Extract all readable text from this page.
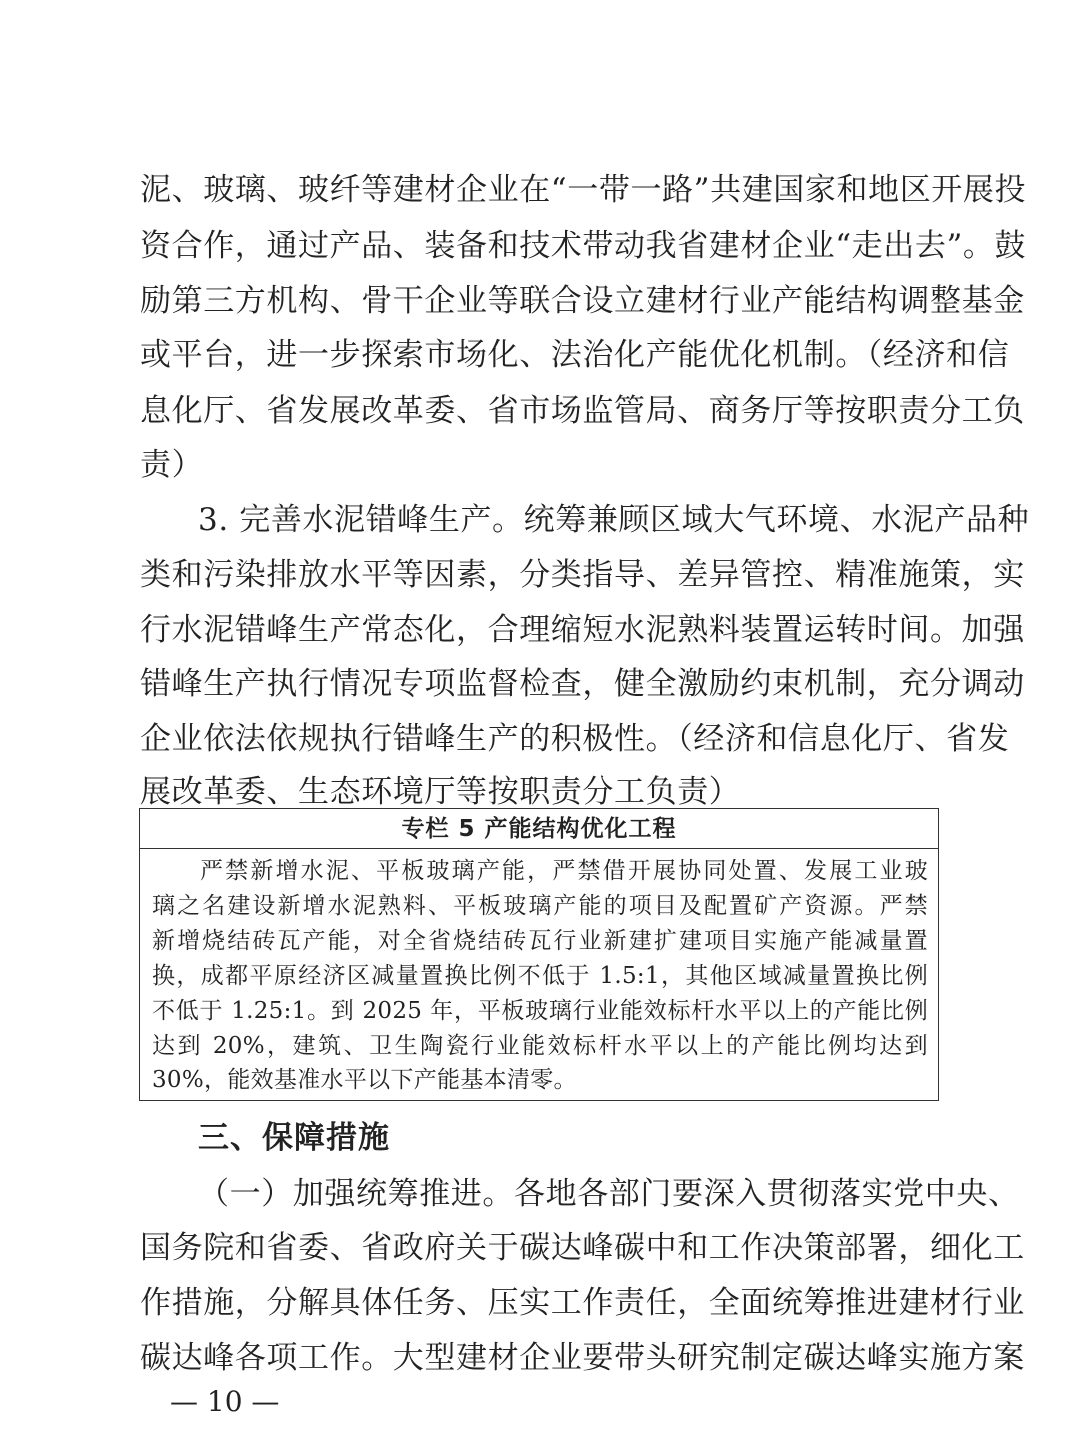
泥、玻璃、玻纤等建材企业在“一带一路”共建国家和地区开展投
资合作，通过产品、装备和技术带动我省建材企业“走出去”。鼓
励第三方机构、骨干企业等联合设立建材行业产能结构调整基金
或平台，进一步探索市场化、法治化产能优化机制。（经济和信
息化厅、省发展改革委、省市场监管局、商务厅等按职责分工负
责）
3. 完善水泥错峰生产。统筹兼顾区域大气环境、水泥产品种
类和污染排放水平等因素，分类指导、差异管控、精准施策，实
行水泥错峰生产常态化，合理缩短水泥熟料装置运转时间。加强
错峰生产执行情况专项监督检查，健全激励约束机制，充分调动
企业依法依规执行错峰生产的积极性。（经济和信息化厅、省发
展改革委、生态环境厅等按职责分工负责）
专栏 5 产能结构优化工程
严禁新增水泥、平板玻璃产能，严禁借开展协同处置、发展工业玻
璃之名建设新增水泥熟料、平板玻璃产能的项目及配置矿产资源。严禁
新增烧结砖瓦产能，对全省烧结砖瓦行业新建扩建项目实施产能减量置
换，成都平原经济区减量置换比例不低于 1.5:1，其他区域减量置换比例
不低于 1.25:1。到 2025 年，平板玻璃行业能效标杆水平以上的产能比例
达到 20%，建筑、卫生陶瓷行业能效标杆水平以上的产能比例均达到
30%，能效基准水平以下产能基本清零。
三、保障措施
（一）加强统筹推进。各地各部门要深入贯彻落实党中央、
国务院和省委、省政府关于碳达峰碳中和工作决策部署，细化工
作措施，分解具体任务、压实工作责任，全面统筹推进建材行业
碳达峰各项工作。大型建材企业要带头研究制定碳达峰实施方案
— 10 —
